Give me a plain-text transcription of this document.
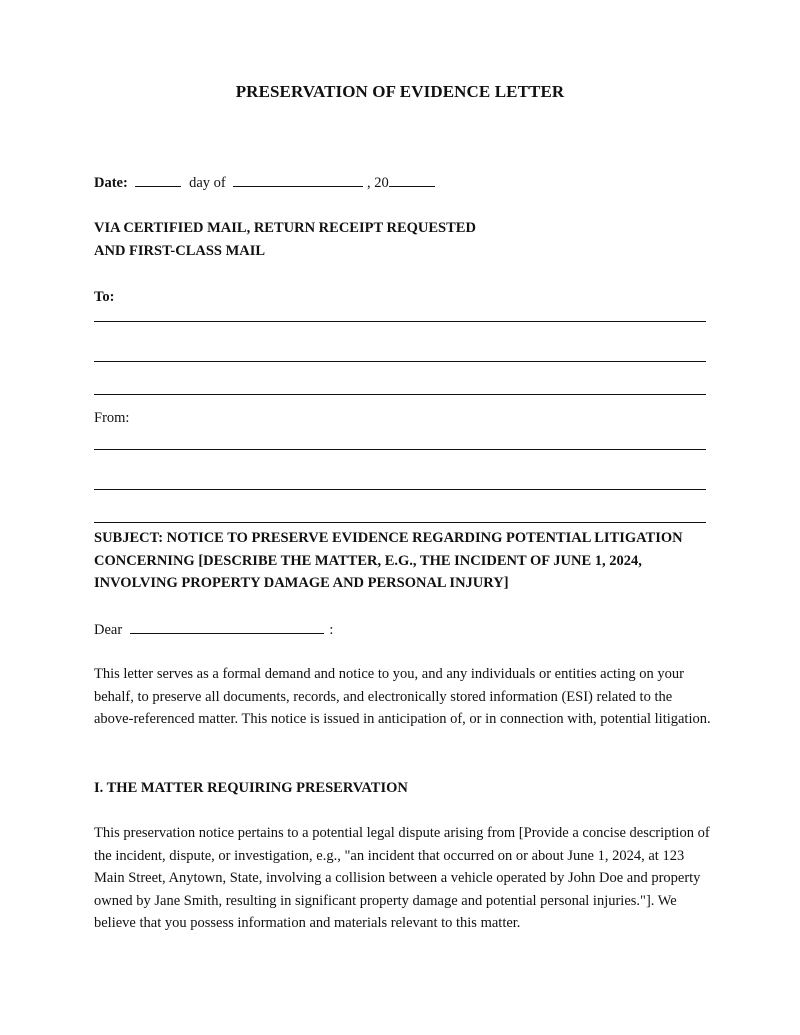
PRESERVATION OF EVIDENCE LETTER
Date:	day of	, 20
VIA CERTIFIED MAIL, RETURN RECEIPT REQUESTED
AND FIRST-CLASS MAIL
To:
From:
SUBJECT: NOTICE TO PRESERVE EVIDENCE REGARDING POTENTIAL LITIGATION CONCERNING [DESCRIBE THE MATTER, E.G., THE INCIDENT OF JUNE 1, 2024, INVOLVING PROPERTY DAMAGE AND PERSONAL INJURY]
Dear	:
This letter serves as a formal demand and notice to you, and any individuals or entities acting on your behalf, to preserve all documents, records, and electronically stored information (ESI) related to the above-referenced matter. This notice is issued in anticipation of, or in connection with, potential litigation.
I. THE MATTER REQUIRING PRESERVATION
This preservation notice pertains to a potential legal dispute arising from [Provide a concise description of the incident, dispute, or investigation, e.g., "an incident that occurred on or about June 1, 2024, at 123 Main Street, Anytown, State, involving a collision between a vehicle operated by John Doe and property owned by Jane Smith, resulting in significant property damage and potential personal injuries."]. We believe that you possess information and materials relevant to this matter.
